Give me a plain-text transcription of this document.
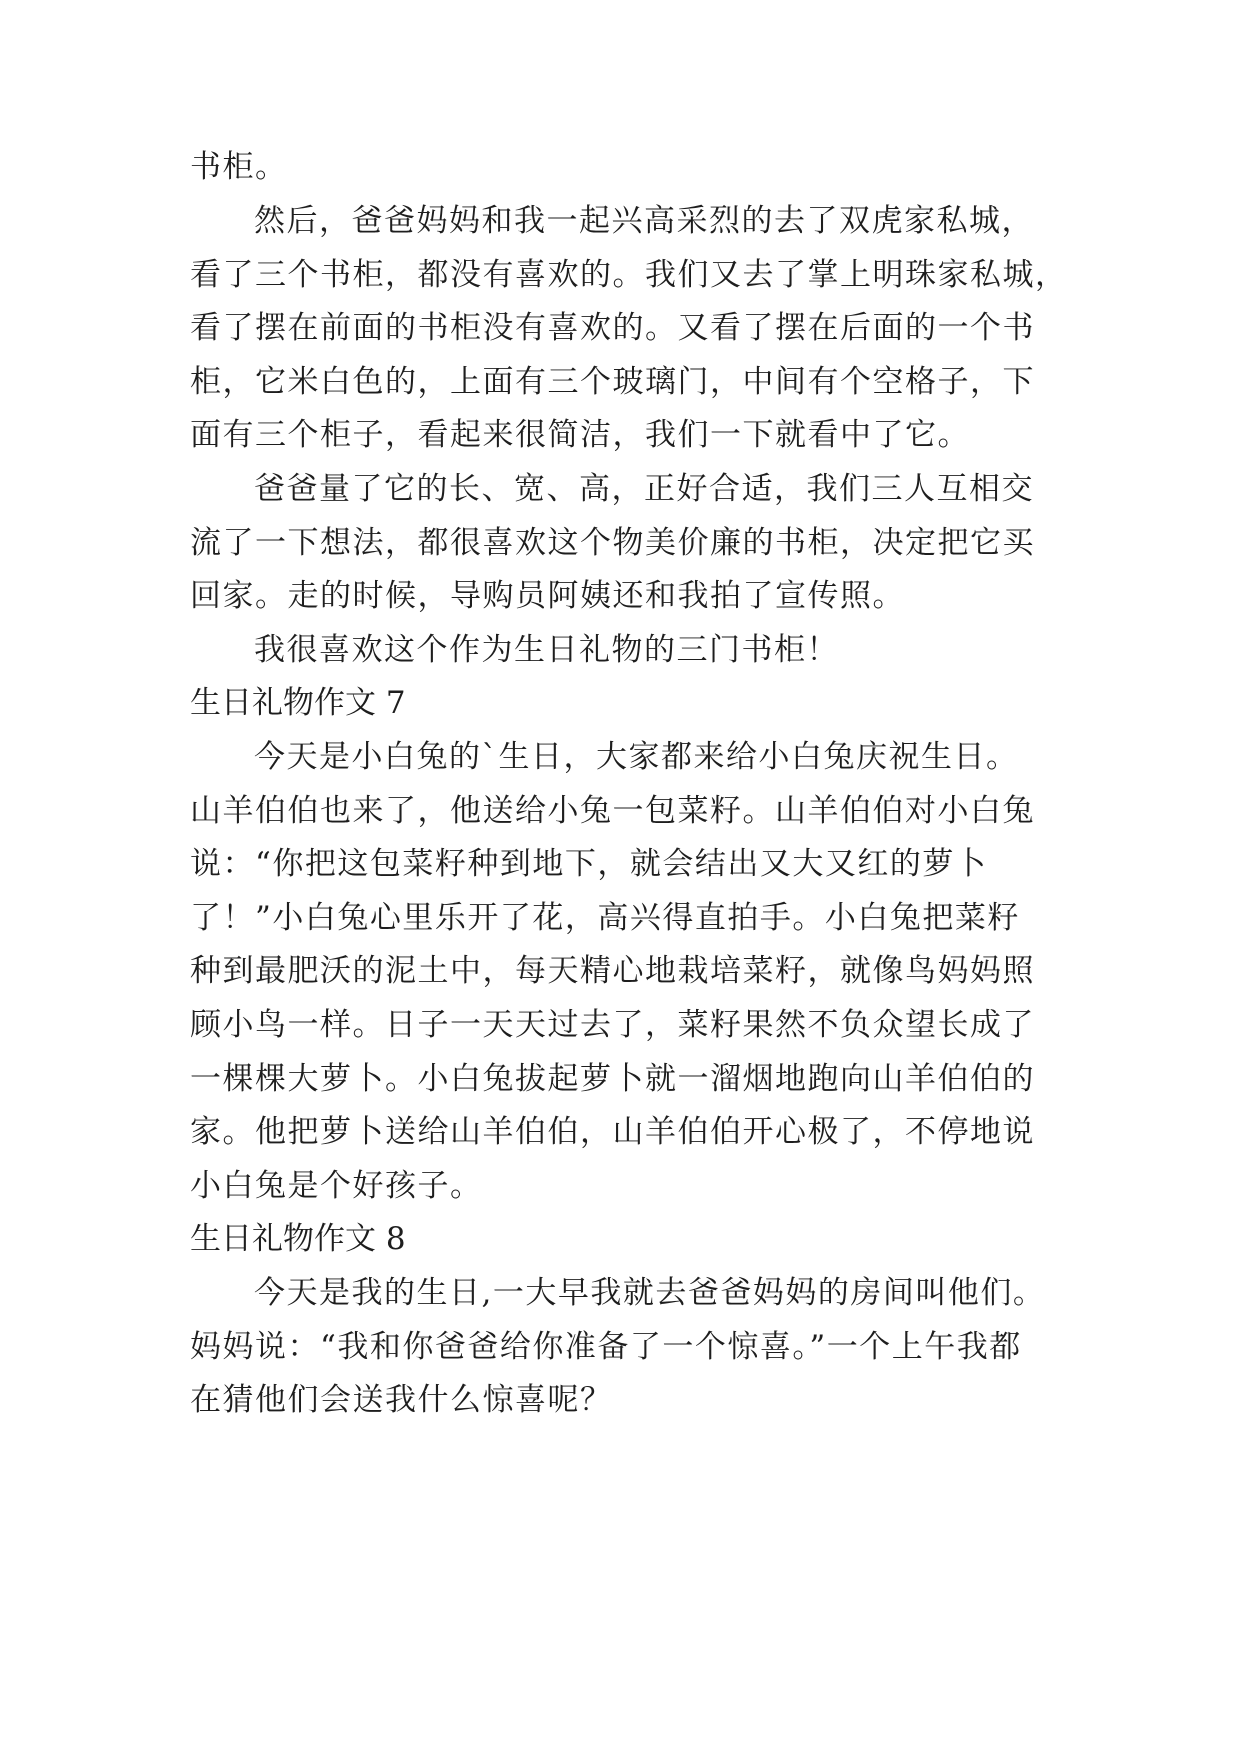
书柜。

然后，爸爸妈妈和我一起兴高采烈的去了双虎家私城，

看了三个书柜，都没有喜欢的。我们又去了掌上明珠家私城，

看了摆在前面的书柜没有喜欢的。又看了摆在后面的一个书

柜，它米白色的，上面有三个玻璃门，中间有个空格子，下

面有三个柜子，看起来很简洁，我们一下就看中了它。

爸爸量了它的长、宽、高，正好合适，我们三人互相交

流了一下想法，都很喜欢这个物美价廉的书柜，决定把它买

回家。走的时候，导购员阿姨还和我拍了宣传照。

我很喜欢这个作为生日礼物的三门书柜！

生日礼物作文 7

今天是小白兔的`生日，大家都来给小白兔庆祝生日。

山羊伯伯也来了，他送给小兔一包菜籽。山羊伯伯对小白兔

说：“你把这包菜籽种到地下，就会结出又大又红的萝卜

了！”小白兔心里乐开了花，高兴得直拍手。小白兔把菜籽

种到最肥沃的泥土中，每天精心地栽培菜籽，就像鸟妈妈照

顾小鸟一样。日子一天天过去了，菜籽果然不负众望长成了

一棵棵大萝卜。小白兔拔起萝卜就一溜烟地跑向山羊伯伯的

家。他把萝卜送给山羊伯伯，山羊伯伯开心极了，不停地说

小白兔是个好孩子。

生日礼物作文 8

今天是我的生日,一大早我就去爸爸妈妈的房间叫他们。

妈妈说：“我和你爸爸给你准备了一个惊喜。”一个上午我都

在猜他们会送我什么惊喜呢？
